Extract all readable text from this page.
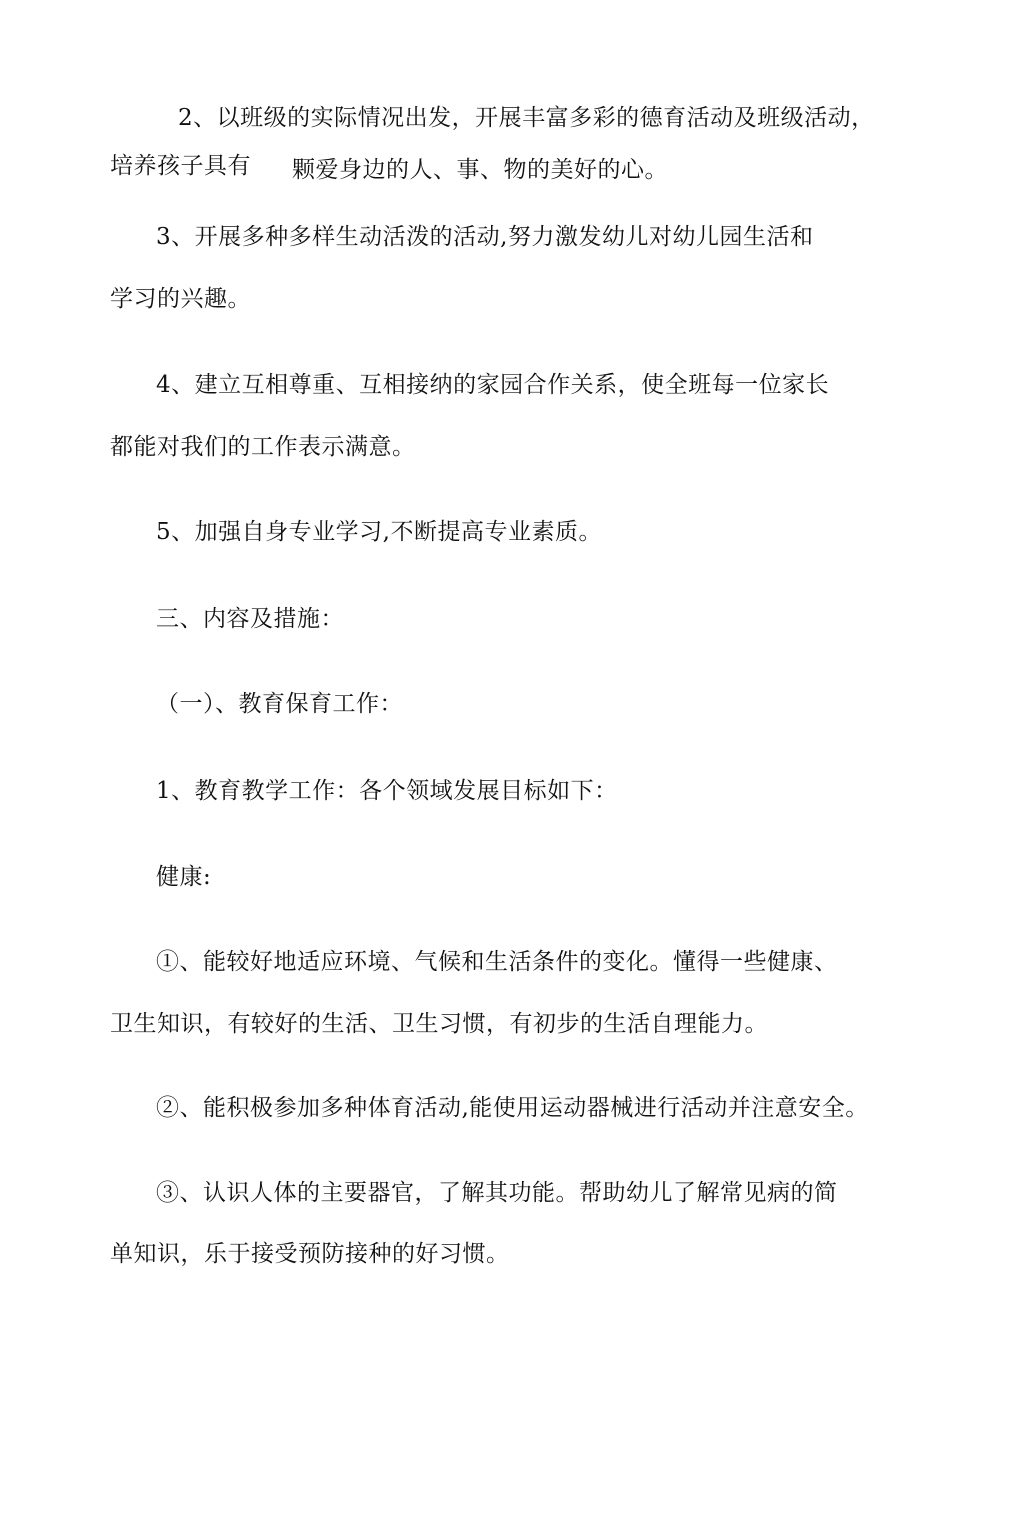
2、以班级的实际情况出发，开展丰富多彩的德育活动及班级活动，
培养孩子具有 颗爱身边的人、事、物的美好的心。
3、开展多种多样生动活泼的活动,努力激发幼儿对幼儿园生活和
学习的兴趣。
4、建立互相尊重、互相接纳的家园合作关系，使全班每一位家长
都能对我们的工作表示满意。
5、加强自身专业学习,不断提高专业素质。
三、内容及措施：
（一）、教育保育工作：
1、教育教学工作：各个领域发展目标如下：
健康:
①、能较好地适应环境、气候和生活条件的变化。懂得一些健康、
卫生知识，有较好的生活、卫生习惯，有初步的生活自理能力。
②、能积极参加多种体育活动,能使用运动器械进行活动并注意安全。
③、认识人体的主要器官，了解其功能。帮助幼儿了解常见病的简
单知识，乐于接受预防接种的好习惯。
